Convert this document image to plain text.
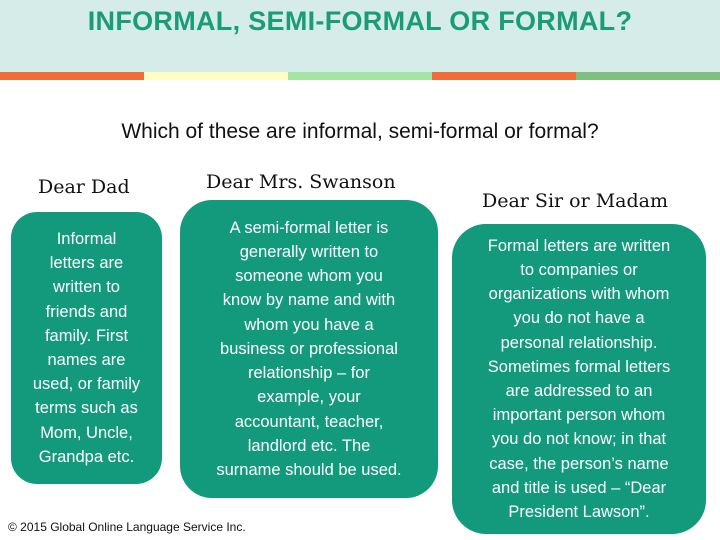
INFORMAL, SEMI-FORMAL OR FORMAL?
Which of these are informal, semi-formal or formal?
Dear Dad	Dear Mrs. Swanson
Dear Sir or Madam
Informal
letters are
written to
friends and
family. First
names are
used, or family
terms such as
Mom, Uncle,
Grandpa etc.
A semi-formal letter is
generally written to
someone whom you
know by name and with
whom you have a
business or professional
relationship – for
example, your
accountant, teacher,
landlord etc. The
surname should be used.
Formal letters are written
to companies or
organizations with whom
you do not have a
personal relationship.
Sometimes formal letters
are addressed to an
important person whom
you do not know; in that
case, the person’s name
and title is used – “Dear
President Lawson”.
© 2015 Global Online Language Service Inc.
